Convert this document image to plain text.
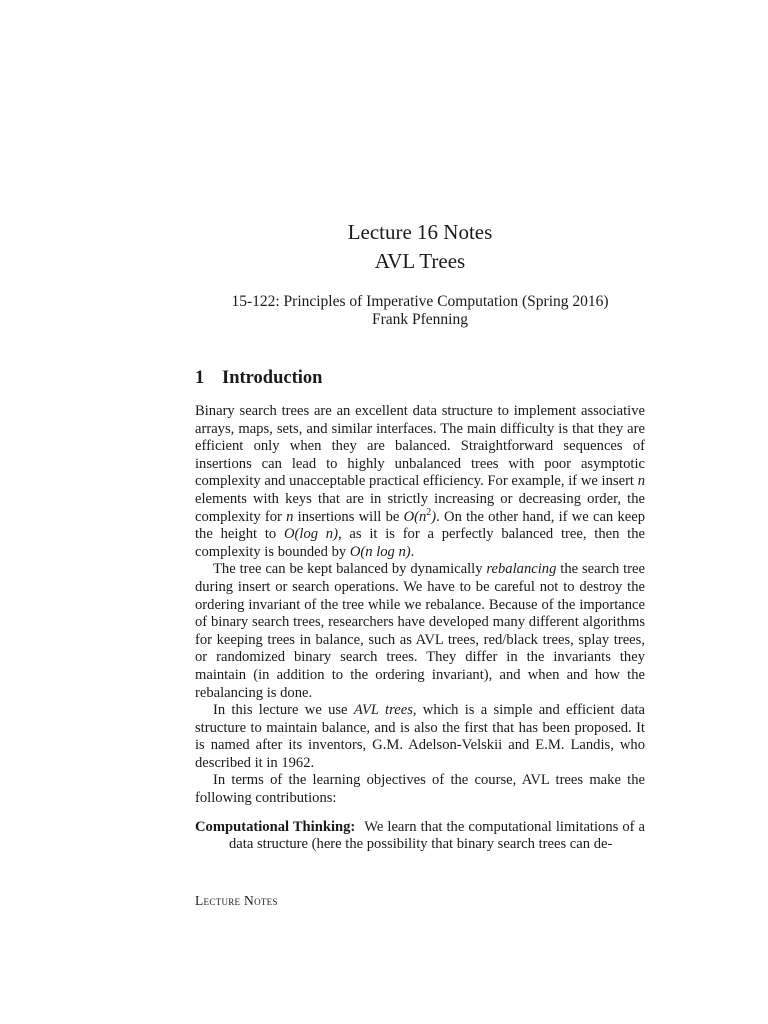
Lecture 16 Notes
AVL Trees
15-122: Principles of Imperative Computation (Spring 2016)
Frank Pfenning
1 Introduction

Binary search trees are an excellent data structure to implement associative arrays, maps, sets, and similar interfaces. The main difficulty is that they are efficient only when they are balanced. Straightforward sequences of insertions can lead to highly unbalanced trees with poor asymptotic complexity and unacceptable practical efficiency. For example, if we insert n elements with keys that are in strictly increasing or decreasing order, the complexity for n insertions will be $O(n^2)$. On the other hand, if we can keep the height to O(log n), as it is for a perfectly balanced tree, then the complexity is bounded by O(n log n).

The tree can be kept balanced by dynamically rebalancing the search tree during insert or search operations. We have to be careful not to destroy the ordering invariant of the tree while we rebalance. Because of the importance of binary search trees, researchers have developed many different algorithms for keeping trees in balance, such as AVL trees, red/black trees, splay trees, or randomized binary search trees. They differ in the invariants they maintain (in addition to the ordering invariant), and when and how the rebalancing is done.

In this lecture we use AVL trees, which is a simple and efficient data structure to maintain balance, and is also the first that has been proposed. It is named after its inventors, G.M. Adelson-Velskii and E.M. Landis, who described it in 1962.

In terms of the learning objectives of the course, AVL trees make the following contributions:

Computational Thinking: We learn that the computational limitations of a data structure (here the possibility that binary search trees can de-

Lecture Notes
